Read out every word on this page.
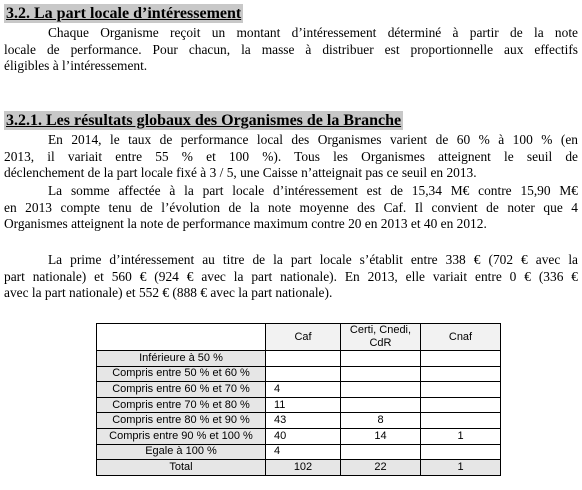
3.2. La part locale d’intéressement
Chaque Organisme reçoit un montant d’intéressement déterminé à partir de la note
locale de performance. Pour chacun, la masse à distribuer est proportionnelle aux effectifs
éligibles à l’intéressement.
3.2.1. Les résultats globaux des Organismes de la Branche
En 2014, le taux de performance local des Organismes varient de 60 % à 100 % (en
2013, il variait entre 55 % et 100 %). Tous les Organismes atteignent le seuil de
déclenchement de la part locale fixé à 3 / 5, une Caisse n’atteignait pas ce seuil en 2013.
La somme affectée à la part locale d’intéressement est de 15,34 M€ contre 15,90 M€
en 2013 compte tenu de l’évolution de la note moyenne des Caf. Il convient de noter que 4
Organismes atteignent la note de performance maximum contre 20 en 2013 et 40 en 2012.
La prime d’intéressement au titre de la part locale s’établit entre 338 € (702 € avec la
part nationale) et 560 € (924 € avec la part nationale). En 2013, elle variait entre 0 € (336 €
avec la part nationale) et 552 € (888 € avec la part nationale).
	Caf	Certi, Cnedi, CdR	Cnaf
Inférieure à 50 %			
Compris entre 50 % et 60 %			
Compris entre 60 % et 70 %	4		
Compris entre 70 % et 80 %	11		
Compris entre 80 % et 90 %	43	8	
Compris entre 90 % et 100 %	40	14	1
Egale à 100 %	4		
Total	102	22	1
